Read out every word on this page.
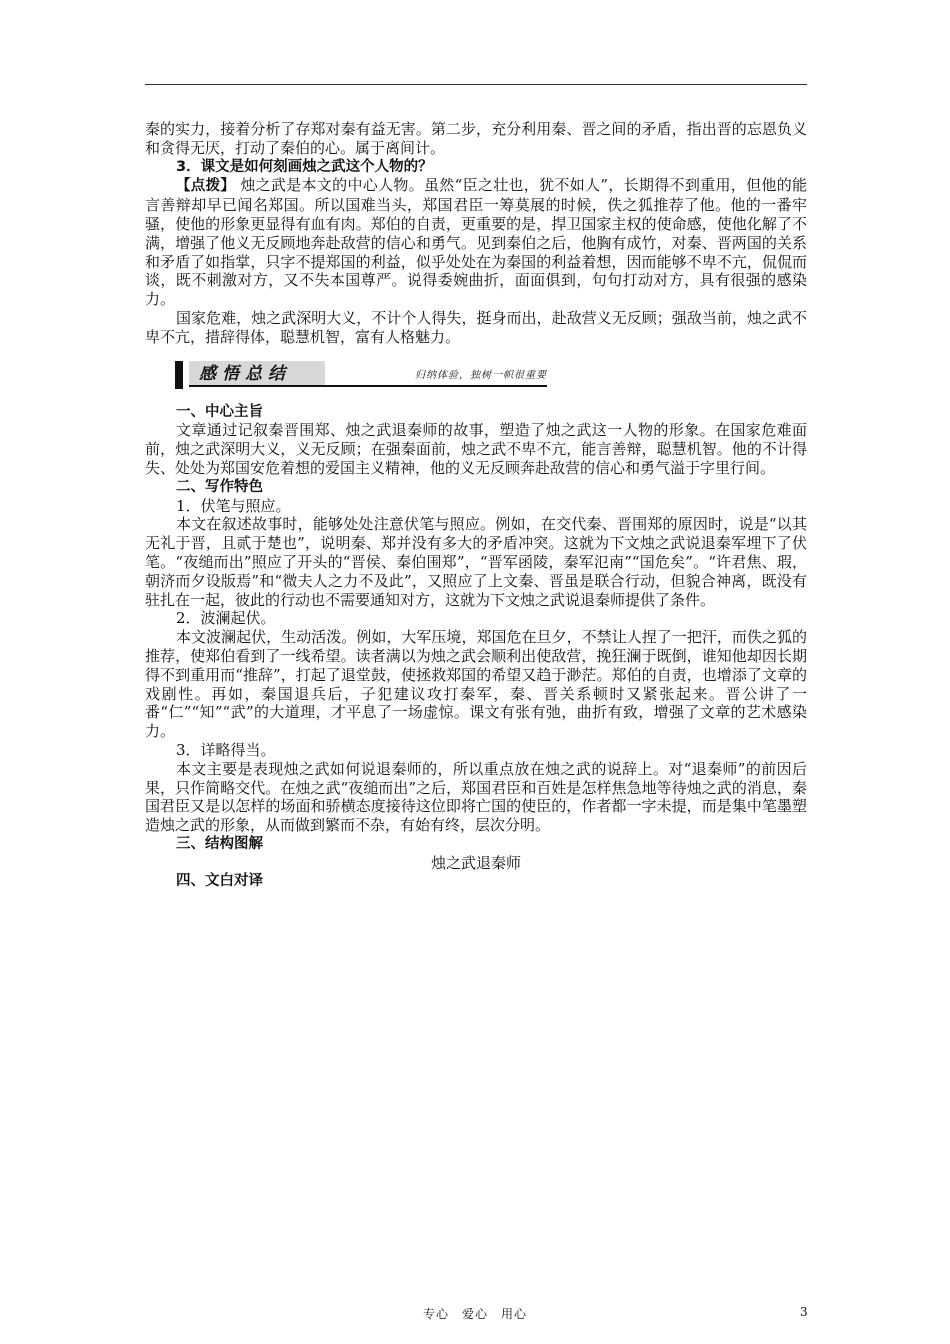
秦的实力，接着分析了存郑对秦有益无害。第二步，充分利用秦、晋之间的矛盾，指出晋的忘恩负义和贪得无厌，打动了秦伯的心。属于离间计。

3．课文是如何刻画烛之武这个人物的？

【点拨】 烛之武是本文的中心人物。虽然“臣之壮也，犹不如人”，长期得不到重用，但他的能言善辩却早已闻名郑国。所以国难当头，郑国君臣一筹莫展的时候，佚之狐推荐了他。他的一番牢骚，使他的形象更显得有血有肉。郑伯的自责，更重要的是，捍卫国家主权的使命感，使他化解了不满，增强了他义无反顾地奔赴敌营的信心和勇气。见到秦伯之后，他胸有成竹，对秦、晋两国的关系和矛盾了如指掌，只字不提郑国的利益，似乎处处在为秦国的利益着想，因而能够不卑不亢，侃侃而谈，既不刺激对方，又不失本国尊严。说得委婉曲折，面面俱到，句句打动对方，具有很强的感染力。

国家危难，烛之武深明大义，不计个人得失，挺身而出，赴敌营义无反顾；强敌当前，烛之武不卑不亢，措辞得体，聪慧机智，富有人格魅力。

感悟总结	归纳体验，独树一帜很重要

一、中心主旨

文章通过记叙秦晋围郑、烛之武退秦师的故事，塑造了烛之武这一人物的形象。在国家危难面前，烛之武深明大义，义无反顾；在强秦面前，烛之武不卑不亢，能言善辩，聪慧机智。他的不计得失、处处为郑国安危着想的爱国主义精神，他的义无反顾奔赴敌营的信心和勇气溢于字里行间。

二、写作特色

1．伏笔与照应。

本文在叙述故事时，能够处处注意伏笔与照应。例如，在交代秦、晋围郑的原因时，说是“以其无礼于晋，且贰于楚也”，说明秦、郑并没有多大的矛盾冲突。这就为下文烛之武说退秦军埋下了伏笔。“夜缒而出”照应了开头的“晋侯、秦伯围郑”，“晋军函陵，秦军氾南”“国危矣”。“许君焦、瑕，朝济而夕设版焉”和“微夫人之力不及此”，又照应了上文秦、晋虽是联合行动，但貌合神离，既没有驻扎在一起，彼此的行动也不需要通知对方，这就为下文烛之武说退秦师提供了条件。

2．波澜起伏。

本文波澜起伏，生动活泼。例如，大军压境，郑国危在旦夕，不禁让人捏了一把汗，而佚之狐的推荐，使郑伯看到了一线希望。读者满以为烛之武会顺利出使敌营，挽狂澜于既倒，谁知他却因长期得不到重用而“推辞”，打起了退堂鼓，使拯救郑国的希望又趋于渺茫。郑伯的自责，也增添了文章的戏剧性。再如，秦国退兵后，子犯建议攻打秦军，秦、晋关系顿时又紧张起来。晋公讲了一番“仁”“知”“武”的大道理，才平息了一场虚惊。课文有张有弛，曲折有致，增强了文章的艺术感染力。

3．详略得当。

本文主要是表现烛之武如何说退秦师的，所以重点放在烛之武的说辞上。对“退秦师”的前因后果，只作简略交代。在烛之武“夜缒而出”之后，郑国君臣和百姓是怎样焦急地等待烛之武的消息，秦国君臣又是以怎样的场面和骄横态度接待这位即将亡国的使臣的，作者都一字未提，而是集中笔墨塑造烛之武的形象，从而做到繁而不杂，有始有终，层次分明。

三、结构图解

烛之武退秦师

四、文白对译

专心　爱心　用心	3
